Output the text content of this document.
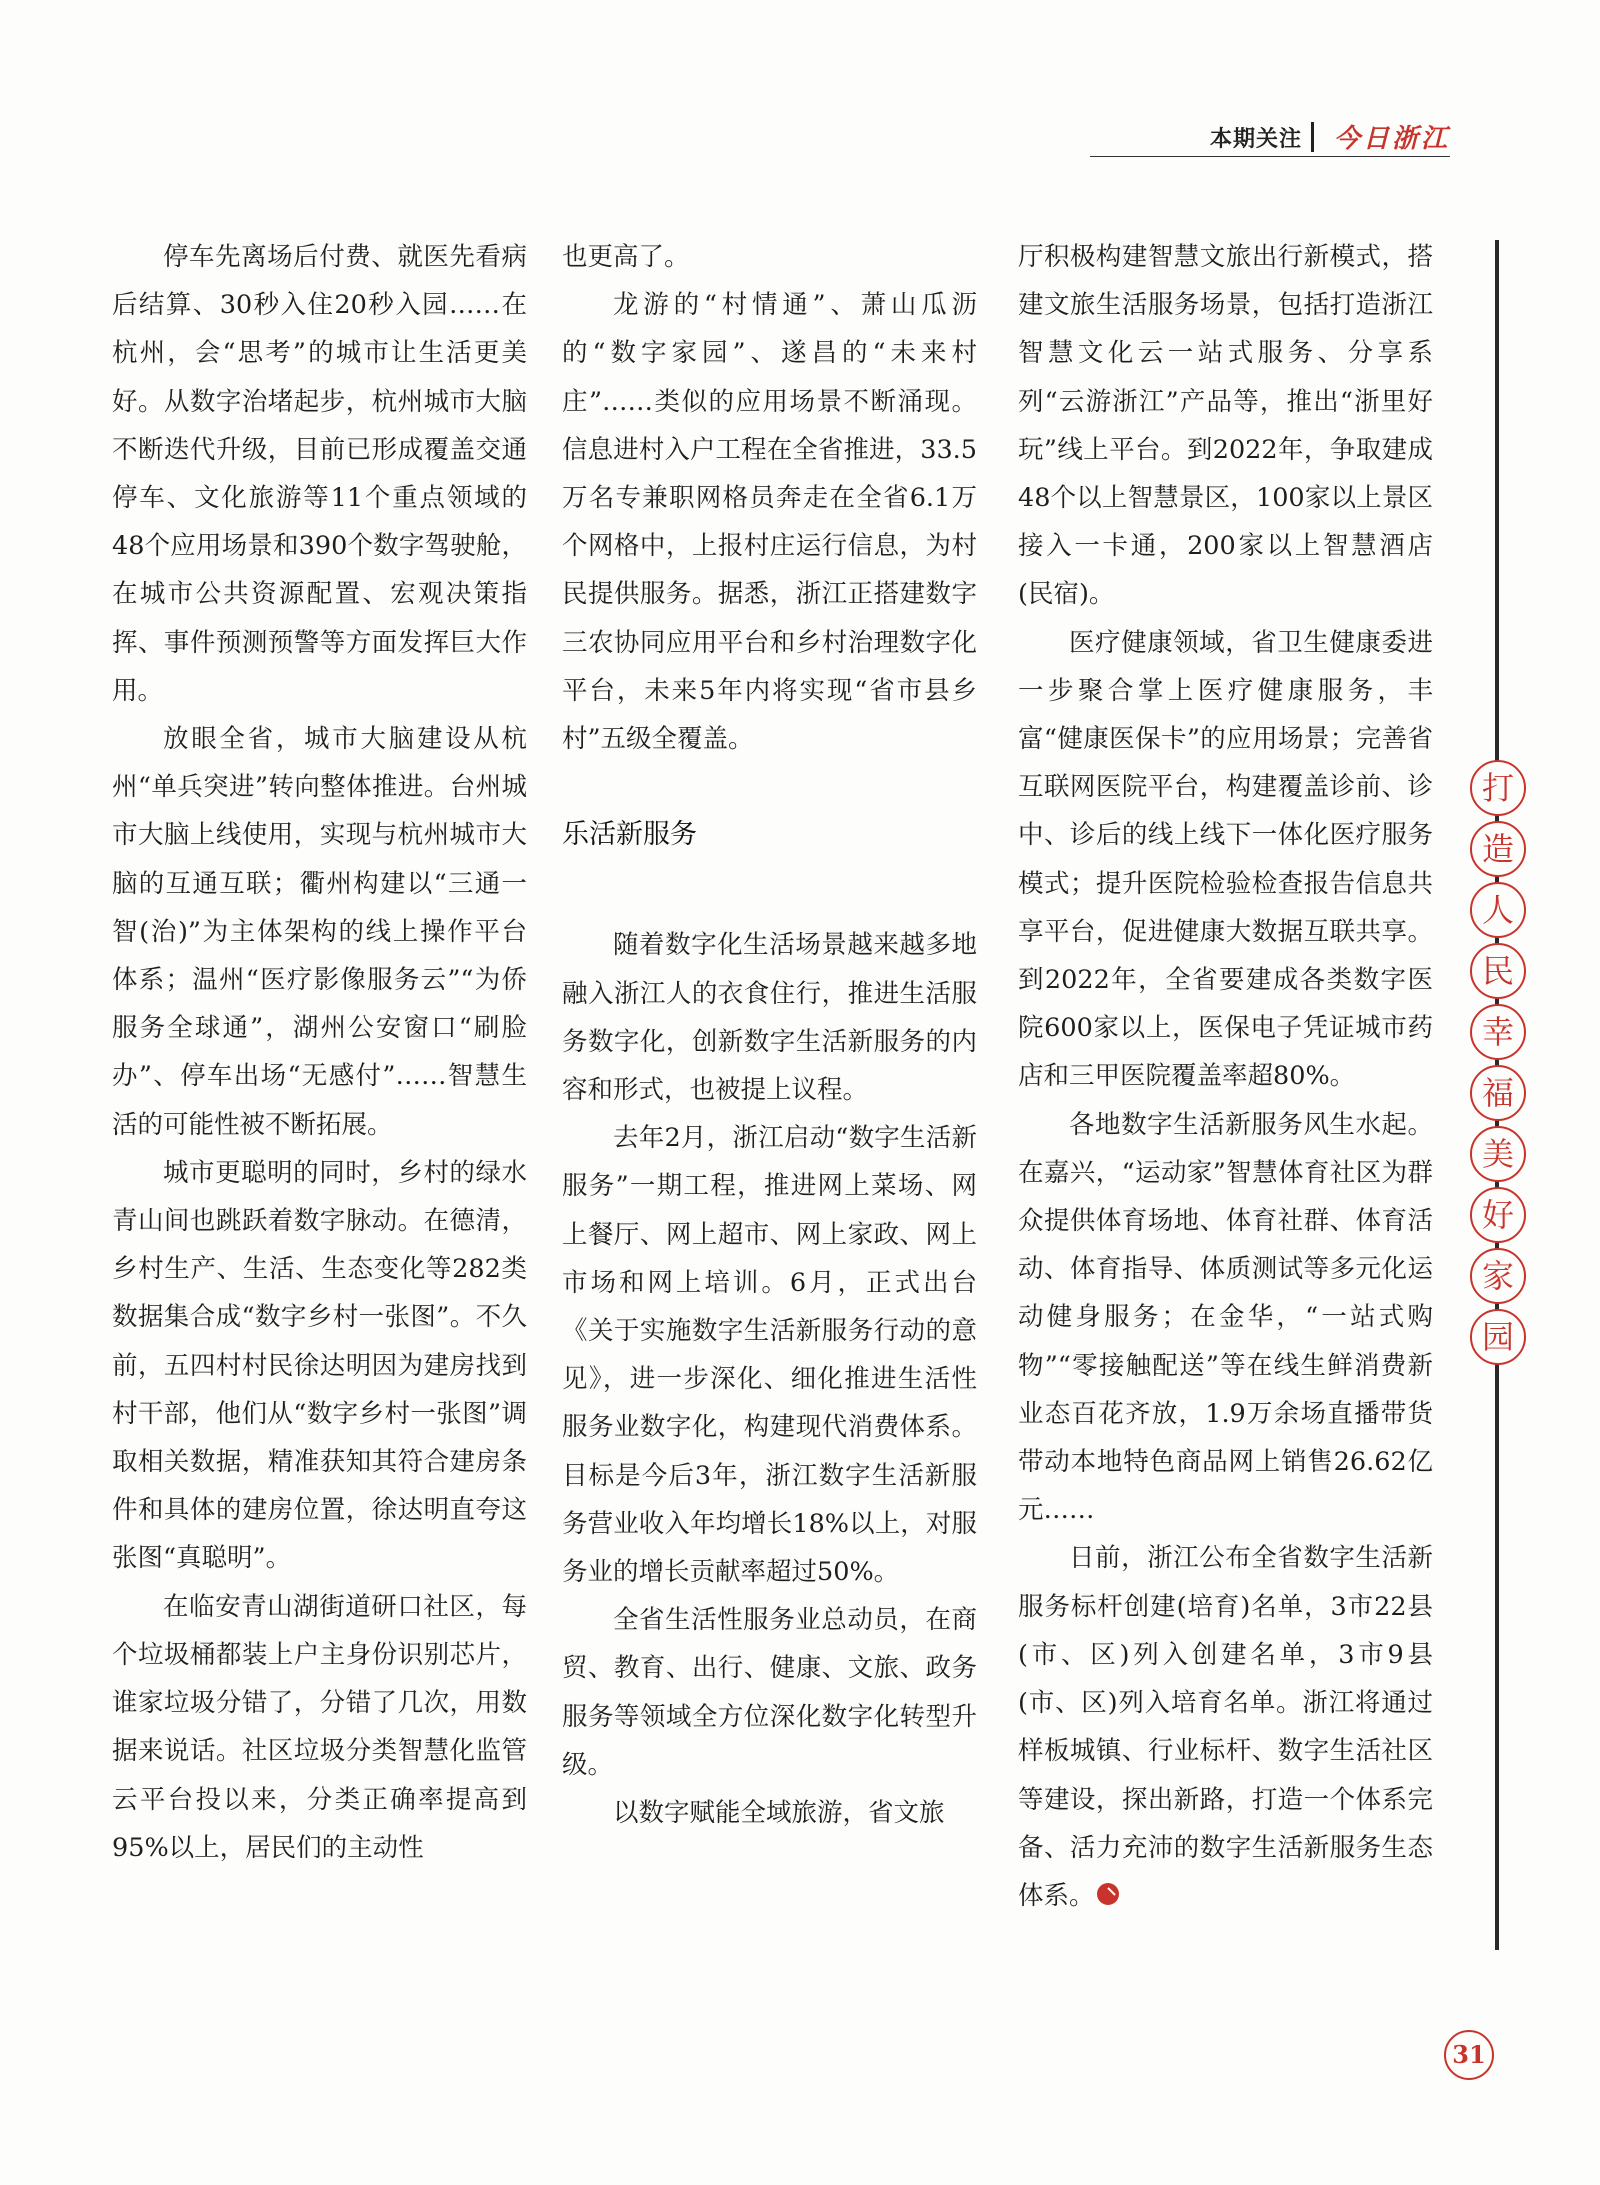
本期关注 今日浙江

停车先离场后付费、就医先看病后结算、30秒入住20秒入园……在杭州，会“思考”的城市让生活更美好。从数字治堵起步，杭州城市大脑不断迭代升级，目前已形成覆盖交通停车、文化旅游等11个重点领域的48个应用场景和390个数字驾驶舱，在城市公共资源配置、宏观决策指挥、事件预测预警等方面发挥巨大作用。

放眼全省，城市大脑建设从杭州“单兵突进”转向整体推进。台州城市大脑上线使用，实现与杭州城市大脑的互通互联；衢州构建以“三通一智(治)”为主体架构的线上操作平台体系；温州“医疗影像服务云”“为侨服务全球通”，湖州公安窗口“刷脸办”、停车出场“无感付”……智慧生活的可能性被不断拓展。

城市更聪明的同时，乡村的绿水青山间也跳跃着数字脉动。在德清，乡村生产、生活、生态变化等282类数据集合成“数字乡村一张图”。不久前，五四村村民徐达明因为建房找到村干部，他们从“数字乡村一张图”调取相关数据，精准获知其符合建房条件和具体的建房位置，徐达明直夸这张图“真聪明”。

在临安青山湖街道研口社区，每个垃圾桶都装上户主身份识别芯片，谁家垃圾分错了，分错了几次，用数据来说话。社区垃圾分类智慧化监管云平台投以来，分类正确率提高到95%以上，居民们的主动性

也更高了。

龙游的“村情通”、萧山瓜沥的“数字家园”、遂昌的“未来村庄”……类似的应用场景不断涌现。信息进村入户工程在全省推进，33.5万名专兼职网格员奔走在全省6.1万个网格中，上报村庄运行信息，为村民提供服务。据悉，浙江正搭建数字三农协同应用平台和乡村治理数字化平台，未来5年内将实现“省市县乡村”五级全覆盖。

乐活新服务

随着数字化生活场景越来越多地融入浙江人的衣食住行，推进生活服务数字化，创新数字生活新服务的内容和形式，也被提上议程。

去年2月，浙江启动“数字生活新服务”一期工程，推进网上菜场、网上餐厅、网上超市、网上家政、网上市场和网上培训。6月，正式出台《关于实施数字生活新服务行动的意见》，进一步深化、细化推进生活性服务业数字化，构建现代消费体系。目标是今后3年，浙江数字生活新服务营业收入年均增长18%以上，对服务业的增长贡献率超过50%。

全省生活性服务业总动员，在商贸、教育、出行、健康、文旅、政务服务等领域全方位深化数字化转型升级。

以数字赋能全域旅游，省文旅

厅积极构建智慧文旅出行新模式，搭建文旅生活服务场景，包括打造浙江智慧文化云一站式服务、分享系列“云游浙江”产品等，推出“浙里好玩”线上平台。到2022年，争取建成48个以上智慧景区，100家以上景区接入一卡通，200家以上智慧酒店(民宿)。

医疗健康领域，省卫生健康委进一步聚合掌上医疗健康服务，丰富“健康医保卡”的应用场景；完善省互联网医院平台，构建覆盖诊前、诊中、诊后的线上线下一体化医疗服务模式；提升医院检验检查报告信息共享平台，促进健康大数据互联共享。到2022年，全省要建成各类数字医院600家以上，医保电子凭证城市药店和三甲医院覆盖率超80%。

各地数字生活新服务风生水起。在嘉兴，“运动家”智慧体育社区为群众提供体育场地、体育社群、体育活动、体育指导、体质测试等多元化运动健身服务；在金华，“一站式购物”“零接触配送”等在线生鲜消费新业态百花齐放，1.9万余场直播带货带动本地特色商品网上销售26.62亿元……

日前，浙江公布全省数字生活新服务标杆创建(培育)名单，3市22县(市、区)列入创建名单，3市9县(市、区)列入培育名单。浙江将通过样板城镇、行业标杆、数字生活社区等建设，探出新路，打造一个体系完备、活力充沛的数字生活新服务生态体系。

打
造
人
民
幸
福
美
好
家
园
31
